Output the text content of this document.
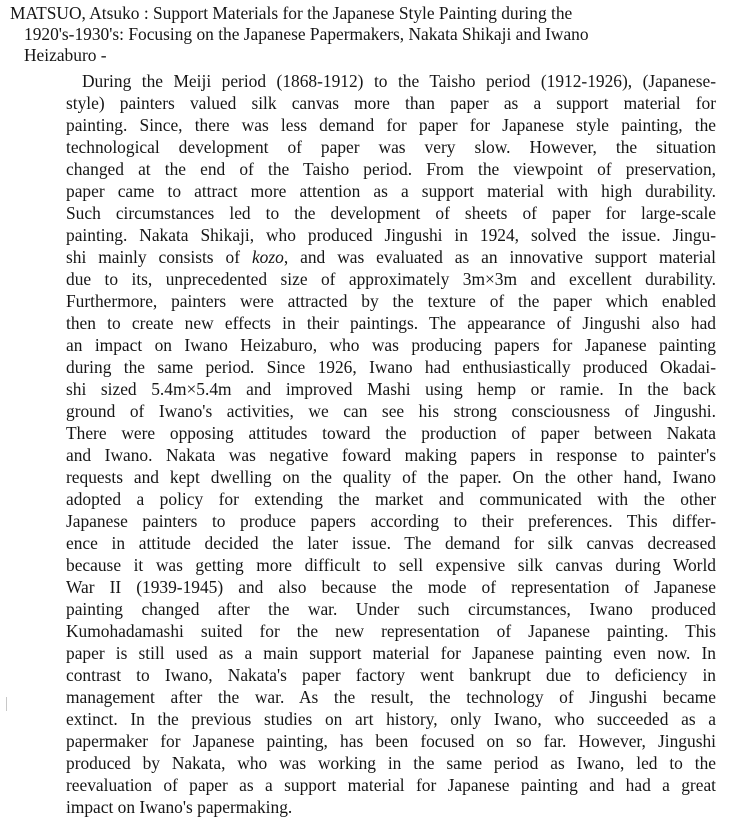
MATSUO, Atsuko : Support Materials for the Japanese Style Painting during the
1920's-1930's: Focusing on the Japanese Papermakers, Nakata Shikaji and Iwano
Heizaburo -
During the Meiji period (1868-1912) to the Taisho period (1912-1926), (Japanese-
style) painters valued silk canvas more than paper as a support material for
painting. Since, there was less demand for paper for Japanese style painting, the
technological development of paper was very slow. However, the situation
changed at the end of the Taisho period. From the viewpoint of preservation,
paper came to attract more attention as a support material with high durability.
Such circumstances led to the development of sheets of paper for large-scale
painting. Nakata Shikaji, who produced Jingushi in 1924, solved the issue. Jingu-
shi mainly consists of kozo, and was evaluated as an innovative support material
due to its, unprecedented size of approximately 3m×3m and excellent durability.
Furthermore, painters were attracted by the texture of the paper which enabled
then to create new effects in their paintings. The appearance of Jingushi also had
an impact on Iwano Heizaburo, who was producing papers for Japanese painting
during the same period. Since 1926, Iwano had enthusiastically produced Okadai-
shi sized 5.4m×5.4m and improved Mashi using hemp or ramie. In the back
ground of Iwano's activities, we can see his strong consciousness of Jingushi.
There were opposing attitudes toward the production of paper between Nakata
and Iwano. Nakata was negative foward making papers in response to painter's
requests and kept dwelling on the quality of the paper. On the other hand, Iwano
adopted a policy for extending the market and communicated with the other
Japanese painters to produce papers according to their preferences. This differ-
ence in attitude decided the later issue. The demand for silk canvas decreased
because it was getting more difficult to sell expensive silk canvas during World
War II (1939-1945) and also because the mode of representation of Japanese
painting changed after the war. Under such circumstances, Iwano produced
Kumohadamashi suited for the new representation of Japanese painting. This
paper is still used as a main support material for Japanese painting even now. In
contrast to Iwano, Nakata's paper factory went bankrupt due to deficiency in
management after the war. As the result, the technology of Jingushi became
extinct. In the previous studies on art history, only Iwano, who succeeded as a
papermaker for Japanese painting, has been focused on so far. However, Jingushi
produced by Nakata, who was working in the same period as Iwano, led to the
reevaluation of paper as a support material for Japanese painting and had a great
impact on Iwano's papermaking.
